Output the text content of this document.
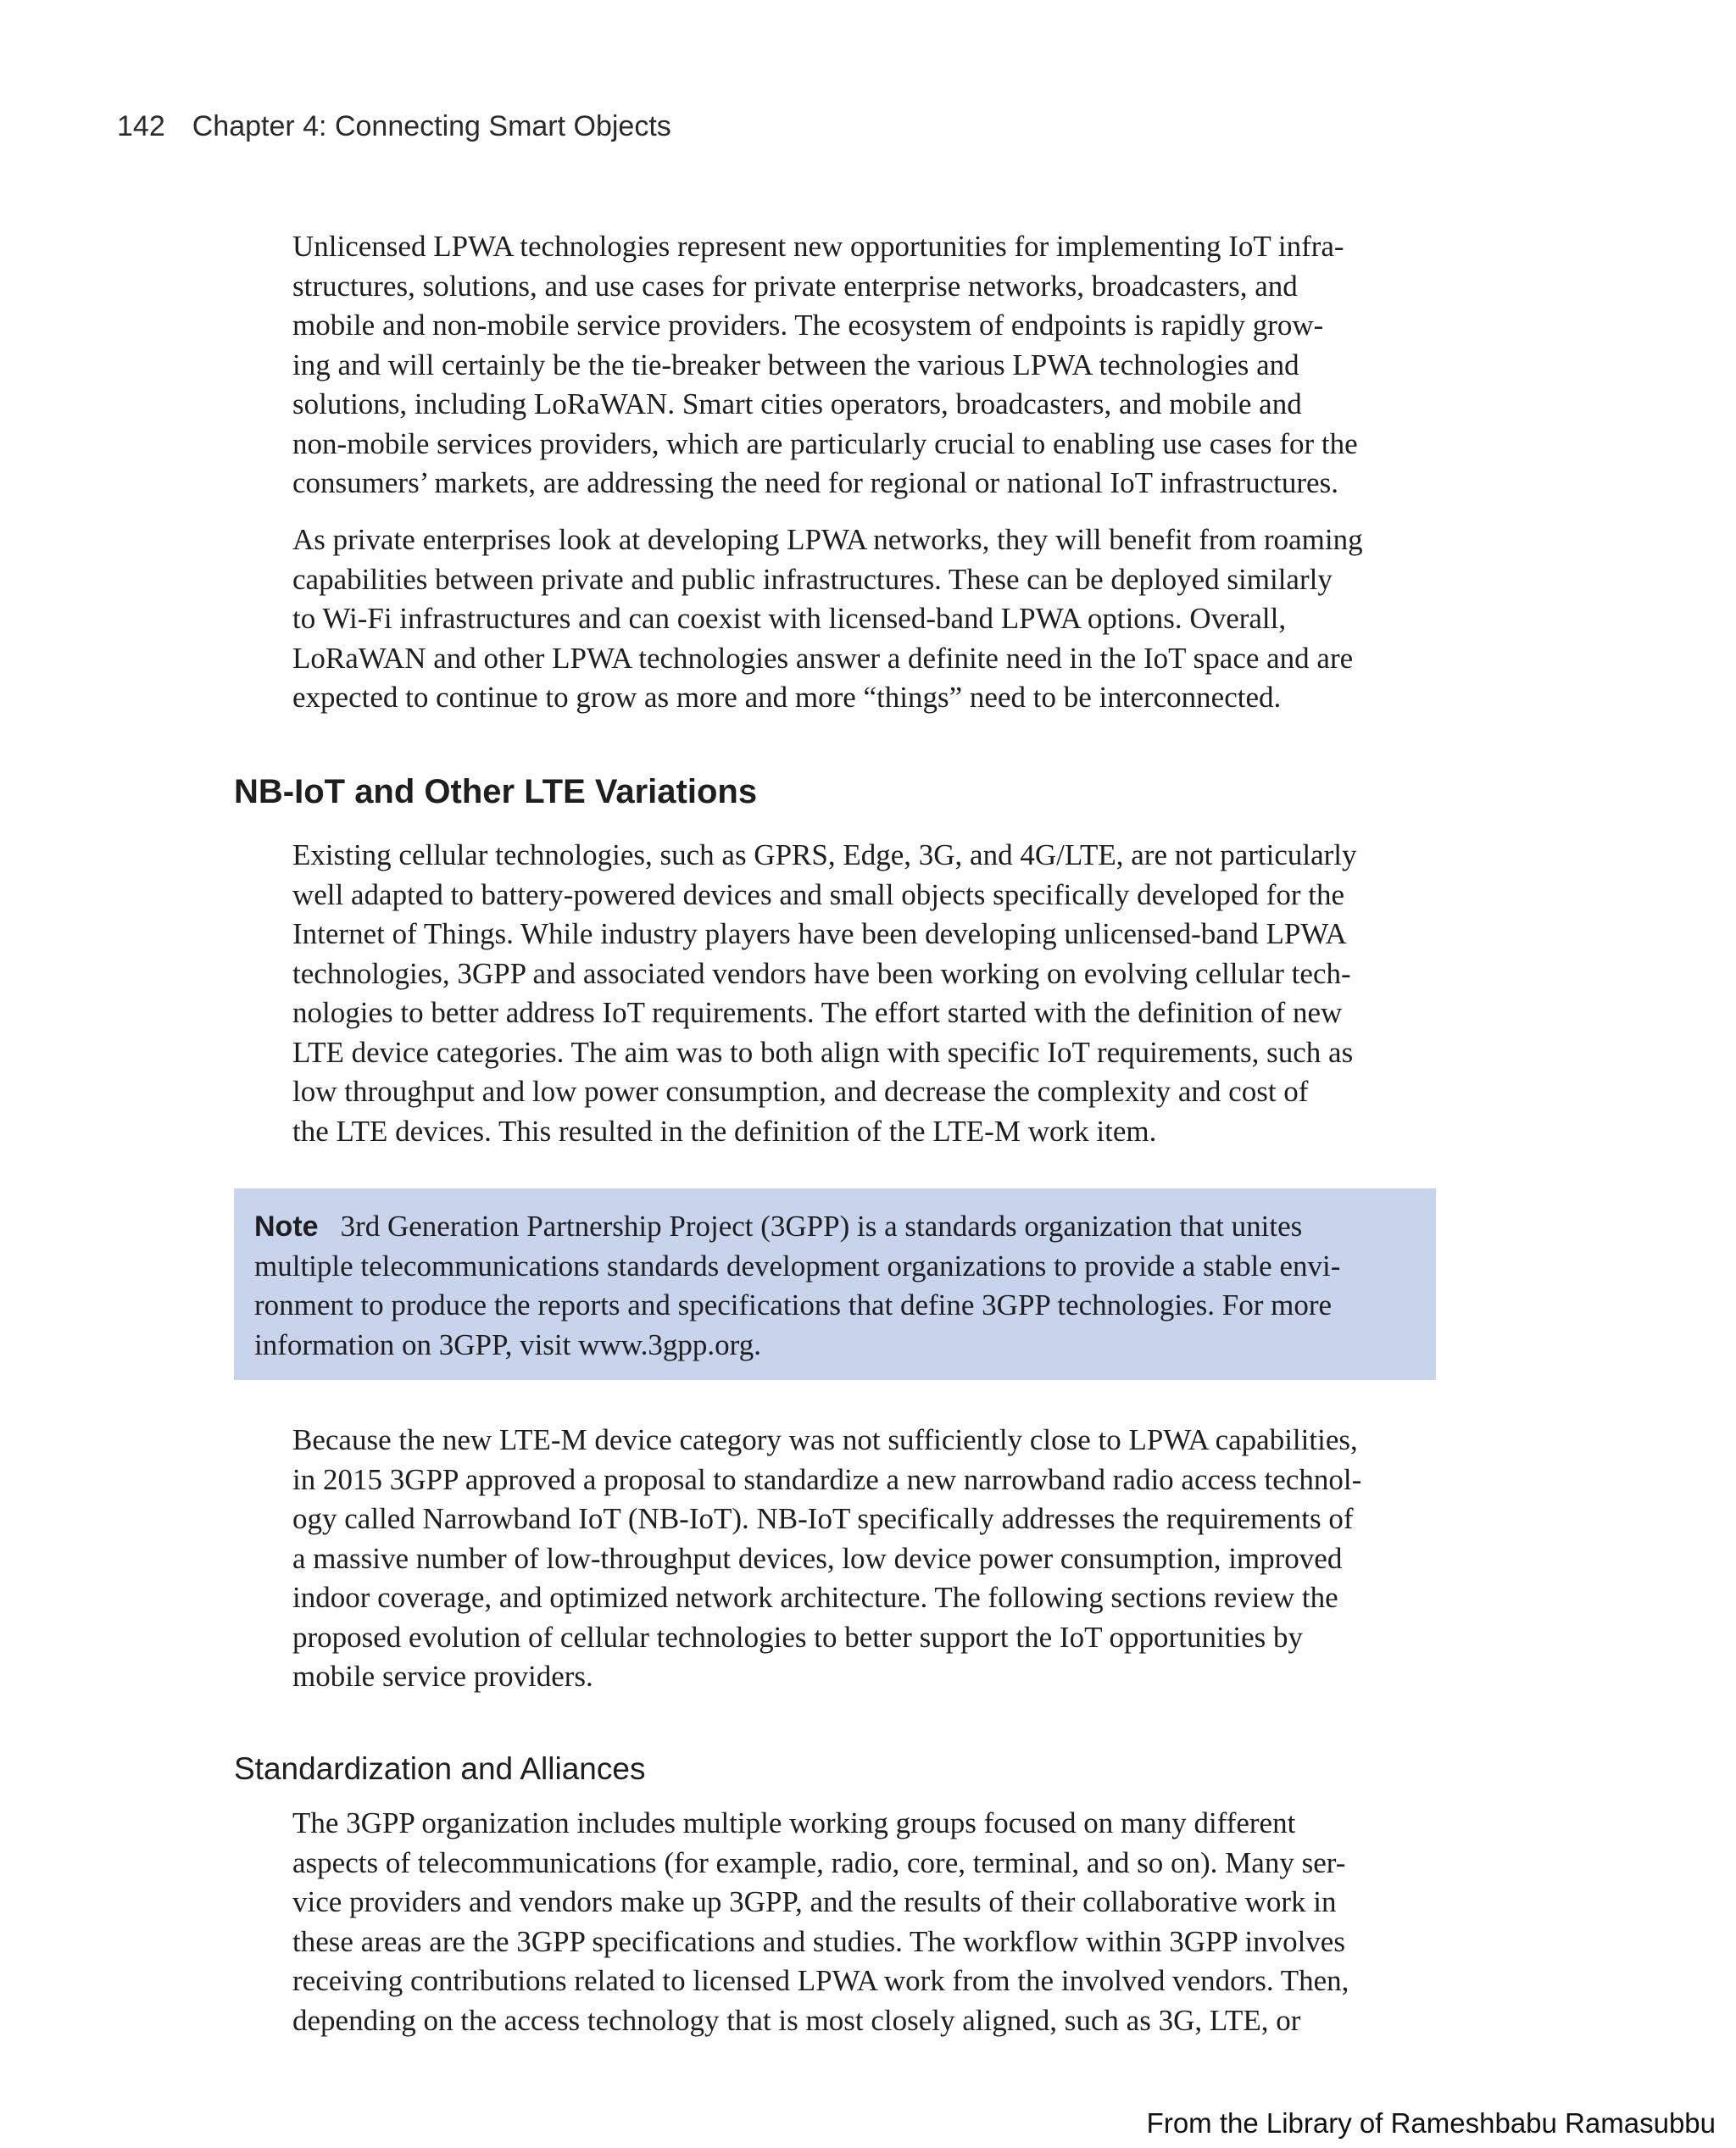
142 Chapter 4: Connecting Smart Objects

Unlicensed LPWA technologies represent new opportunities for implementing IoT infra-
structures, solutions, and use cases for private enterprise networks, broadcasters, and
mobile and non-mobile service providers. The ecosystem of endpoints is rapidly grow-
ing and will certainly be the tie-breaker between the various LPWA technologies and
solutions, including LoRaWAN. Smart cities operators, broadcasters, and mobile and
non-mobile services providers, which are particularly crucial to enabling use cases for the
consumers’ markets, are addressing the need for regional or national IoT infrastructures.

As private enterprises look at developing LPWA networks, they will benefit from roaming
capabilities between private and public infrastructures. These can be deployed similarly
to Wi-Fi infrastructures and can coexist with licensed-band LPWA options. Overall,
LoRaWAN and other LPWA technologies answer a definite need in the IoT space and are
expected to continue to grow as more and more “things” need to be interconnected.

NB-IoT and Other LTE Variations

Existing cellular technologies, such as GPRS, Edge, 3G, and 4G/LTE, are not particularly
well adapted to battery-powered devices and small objects specifically developed for the
Internet of Things. While industry players have been developing unlicensed-band LPWA
technologies, 3GPP and associated vendors have been working on evolving cellular tech-
nologies to better address IoT requirements. The effort started with the definition of new
LTE device categories. The aim was to both align with specific IoT requirements, such as
low throughput and low power consumption, and decrease the complexity and cost of
the LTE devices. This resulted in the definition of the LTE-M work item.

Note 3rd Generation Partnership Project (3GPP) is a standards organization that unites
multiple telecommunications standards development organizations to provide a stable envi-
ronment to produce the reports and specifications that define 3GPP technologies. For more
information on 3GPP, visit www.3gpp.org.

Because the new LTE-M device category was not sufficiently close to LPWA capabilities,
in 2015 3GPP approved a proposal to standardize a new narrowband radio access technol-
ogy called Narrowband IoT (NB-IoT). NB-IoT specifically addresses the requirements of
a massive number of low-throughput devices, low device power consumption, improved
indoor coverage, and optimized network architecture. The following sections review the
proposed evolution of cellular technologies to better support the IoT opportunities by
mobile service providers.

Standardization and Alliances

The 3GPP organization includes multiple working groups focused on many different
aspects of telecommunications (for example, radio, core, terminal, and so on). Many ser-
vice providers and vendors make up 3GPP, and the results of their collaborative work in
these areas are the 3GPP specifications and studies. The workflow within 3GPP involves
receiving contributions related to licensed LPWA work from the involved vendors. Then,
depending on the access technology that is most closely aligned, such as 3G, LTE, or

From the Library of Rameshbabu Ramasubbu
